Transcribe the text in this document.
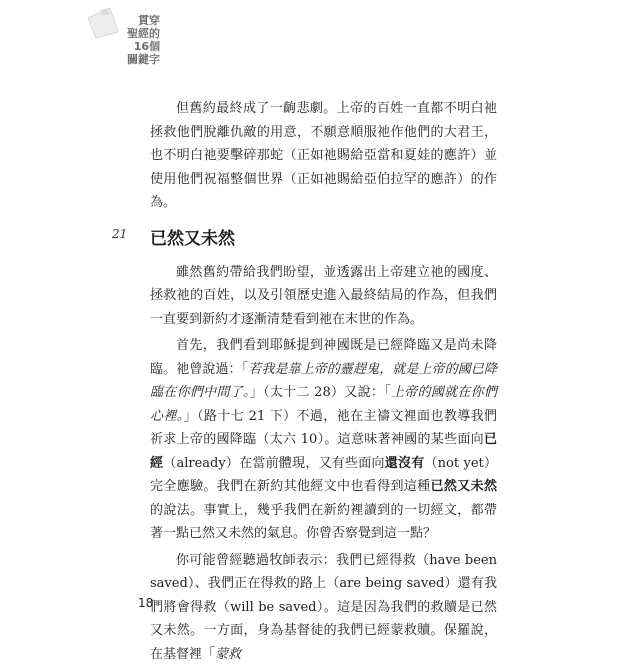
貫穿
聖經的
16個
關鍵字
21

但舊約最終成了一齣悲劇。上帝的百姓一直都不明白祂拯救他們脫離仇敵的用意，不願意順服祂作他們的大君王，也不明白祂要擊碎那蛇（正如祂賜給亞當和夏娃的應許）並使用他們祝福整個世界（正如祂賜給亞伯拉罕的應許）的作為。

已然又未然

雖然舊約帶給我們盼望，並透露出上帝建立祂的國度、拯救祂的百姓，以及引領歷史進入最終結局的作為，但我們一直要到新約才逐漸清楚看到祂在末世的作為。

首先，我們看到耶穌提到神國既是已經降臨又是尚未降臨。祂曾說過：「若我是靠上帝的靈趕鬼，就是上帝的國已降臨在你們中間了。」（太十二 28）又說：「上帝的國就在你們心裡。」（路十七 21 下）不過，祂在主禱文裡面也教導我們祈求上帝的國降臨（太六 10）。這意味著神國的某些面向已經（already）在當前體現，又有些面向還沒有（not yet）完全應驗。我們在新約其他經文中也看得到這種已然又未然的說法。事實上，幾乎我們在新約裡讀到的一切經文，都帶著一點已然又未然的氣息。你曾否察覺到這一點？

你可能曾經聽過牧師表示：我們已經得救（have been saved）、我們正在得救的路上（are being saved）還有我們將會得救（will be saved）。這是因為我們的救贖是已然又未然。一方面，身為基督徒的我們已經蒙救贖。保羅說，在基督裡「蒙救

18
